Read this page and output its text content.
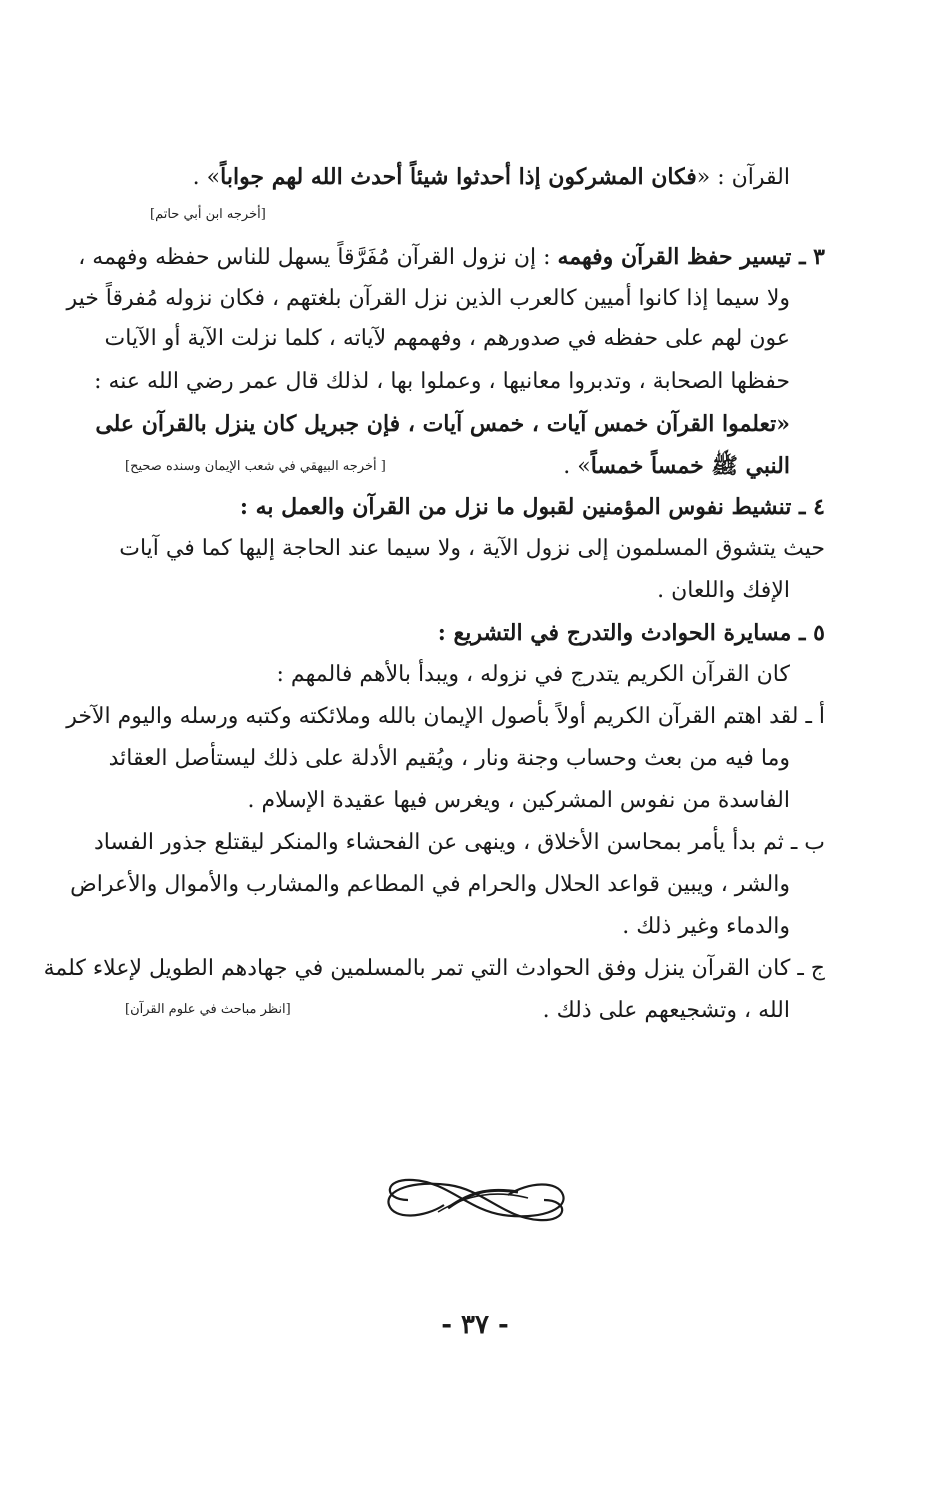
القرآن : «فكان المشركون إذا أحدثوا شيئاً أحدث الله لهم جواباً» .
[أخرجه ابن أبي حاتم]
٣ ـ تيسير حفظ القرآن وفهمه : إن نزول القرآن مُفَرَّقاً يسهل للناس حفظه وفهمه ،
ولا سيما إذا كانوا أميين كالعرب الذين نزل القرآن بلغتهم ، فكان نزوله مُفرقاً خير
عون لهم على حفظه في صدورهم ، وفهمهم لآياته ، كلما نزلت الآية أو الآيات
حفظها الصحابة ، وتدبروا معانيها ، وعملوا بها ، لذلك قال عمر رضي الله عنه :
«تعلموا القرآن خمس آيات ، خمس آيات ، فإن جبريل كان ينزل بالقرآن على
النبي ﷺ خمساً خمساً» .
[ أخرجه البيهقي في شعب الإيمان وسنده صحيح]
٤ ـ تنشيط نفوس المؤمنين لقبول ما نزل من القرآن والعمل به :
حيث يتشوق المسلمون إلى نزول الآية ، ولا سيما عند الحاجة إليها كما في آيات
الإفك واللعان .
٥ ـ مسايرة الحوادث والتدرج في التشريع :
كان القرآن الكريم يتدرج في نزوله ، ويبدأ بالأهم فالمهم :
أ ـ لقد اهتم القرآن الكريم أولاً بأصول الإيمان بالله وملائكته وكتبه ورسله واليوم الآخر
وما فيه من بعث وحساب وجنة ونار ، ويُقيم الأدلة على ذلك ليستأصل العقائد
الفاسدة من نفوس المشركين ، ويغرس فيها عقيدة الإسلام .
ب ـ ثم بدأ يأمر بمحاسن الأخلاق ، وينهى عن الفحشاء والمنكر ليقتلع جذور الفساد
والشر ، ويبين قواعد الحلال والحرام في المطاعم والمشارب والأموال والأعراض
والدماء وغير ذلك .
ج ـ كان القرآن ينزل وفق الحوادث التي تمر بالمسلمين في جهادهم الطويل لإعلاء كلمة
الله ، وتشجيعهم على ذلك .
[انظر مباحث في علوم القرآن]
- ٣٧ -
